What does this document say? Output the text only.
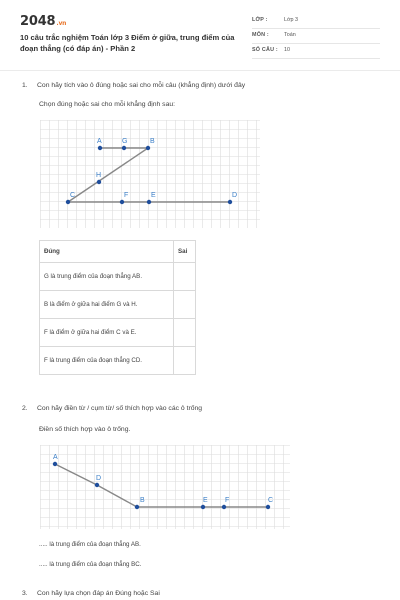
2048.vn
10 câu trắc nghiệm Toán lớp 3 Điểm ở giữa, trung điểm của đoạn thẳng (có đáp án) - Phần 2
LỚP :	Lớp 3
MÔN :	Toán
SỐ CÂU : 10
1. Con hãy tích vào ô đúng hoặc sai cho mỗi câu (khẳng định) dưới đây
Chọn đúng hoặc sai cho mỗi khẳng định sau:
A	G	B
H
C	F	E	D
Đúng	Sai
G là trung điểm của đoạn thẳng AB.	
B là điểm ở giữa hai điểm G và H.	
F là điểm ở giữa hai điểm C và E.	
F là trung điểm của đoạn thẳng CD.	
2. Con hãy điền từ / cụm từ/ số thích hợp vào các ô trống
Điền số thích hợp vào ô trống.
A
D
B	E F	C
..... là trung điểm của đoạn thẳng AB.
..... là trung điểm của đoạn thẳng BC.
3. Con hãy lựa chọn đáp án Đúng hoặc Sai
